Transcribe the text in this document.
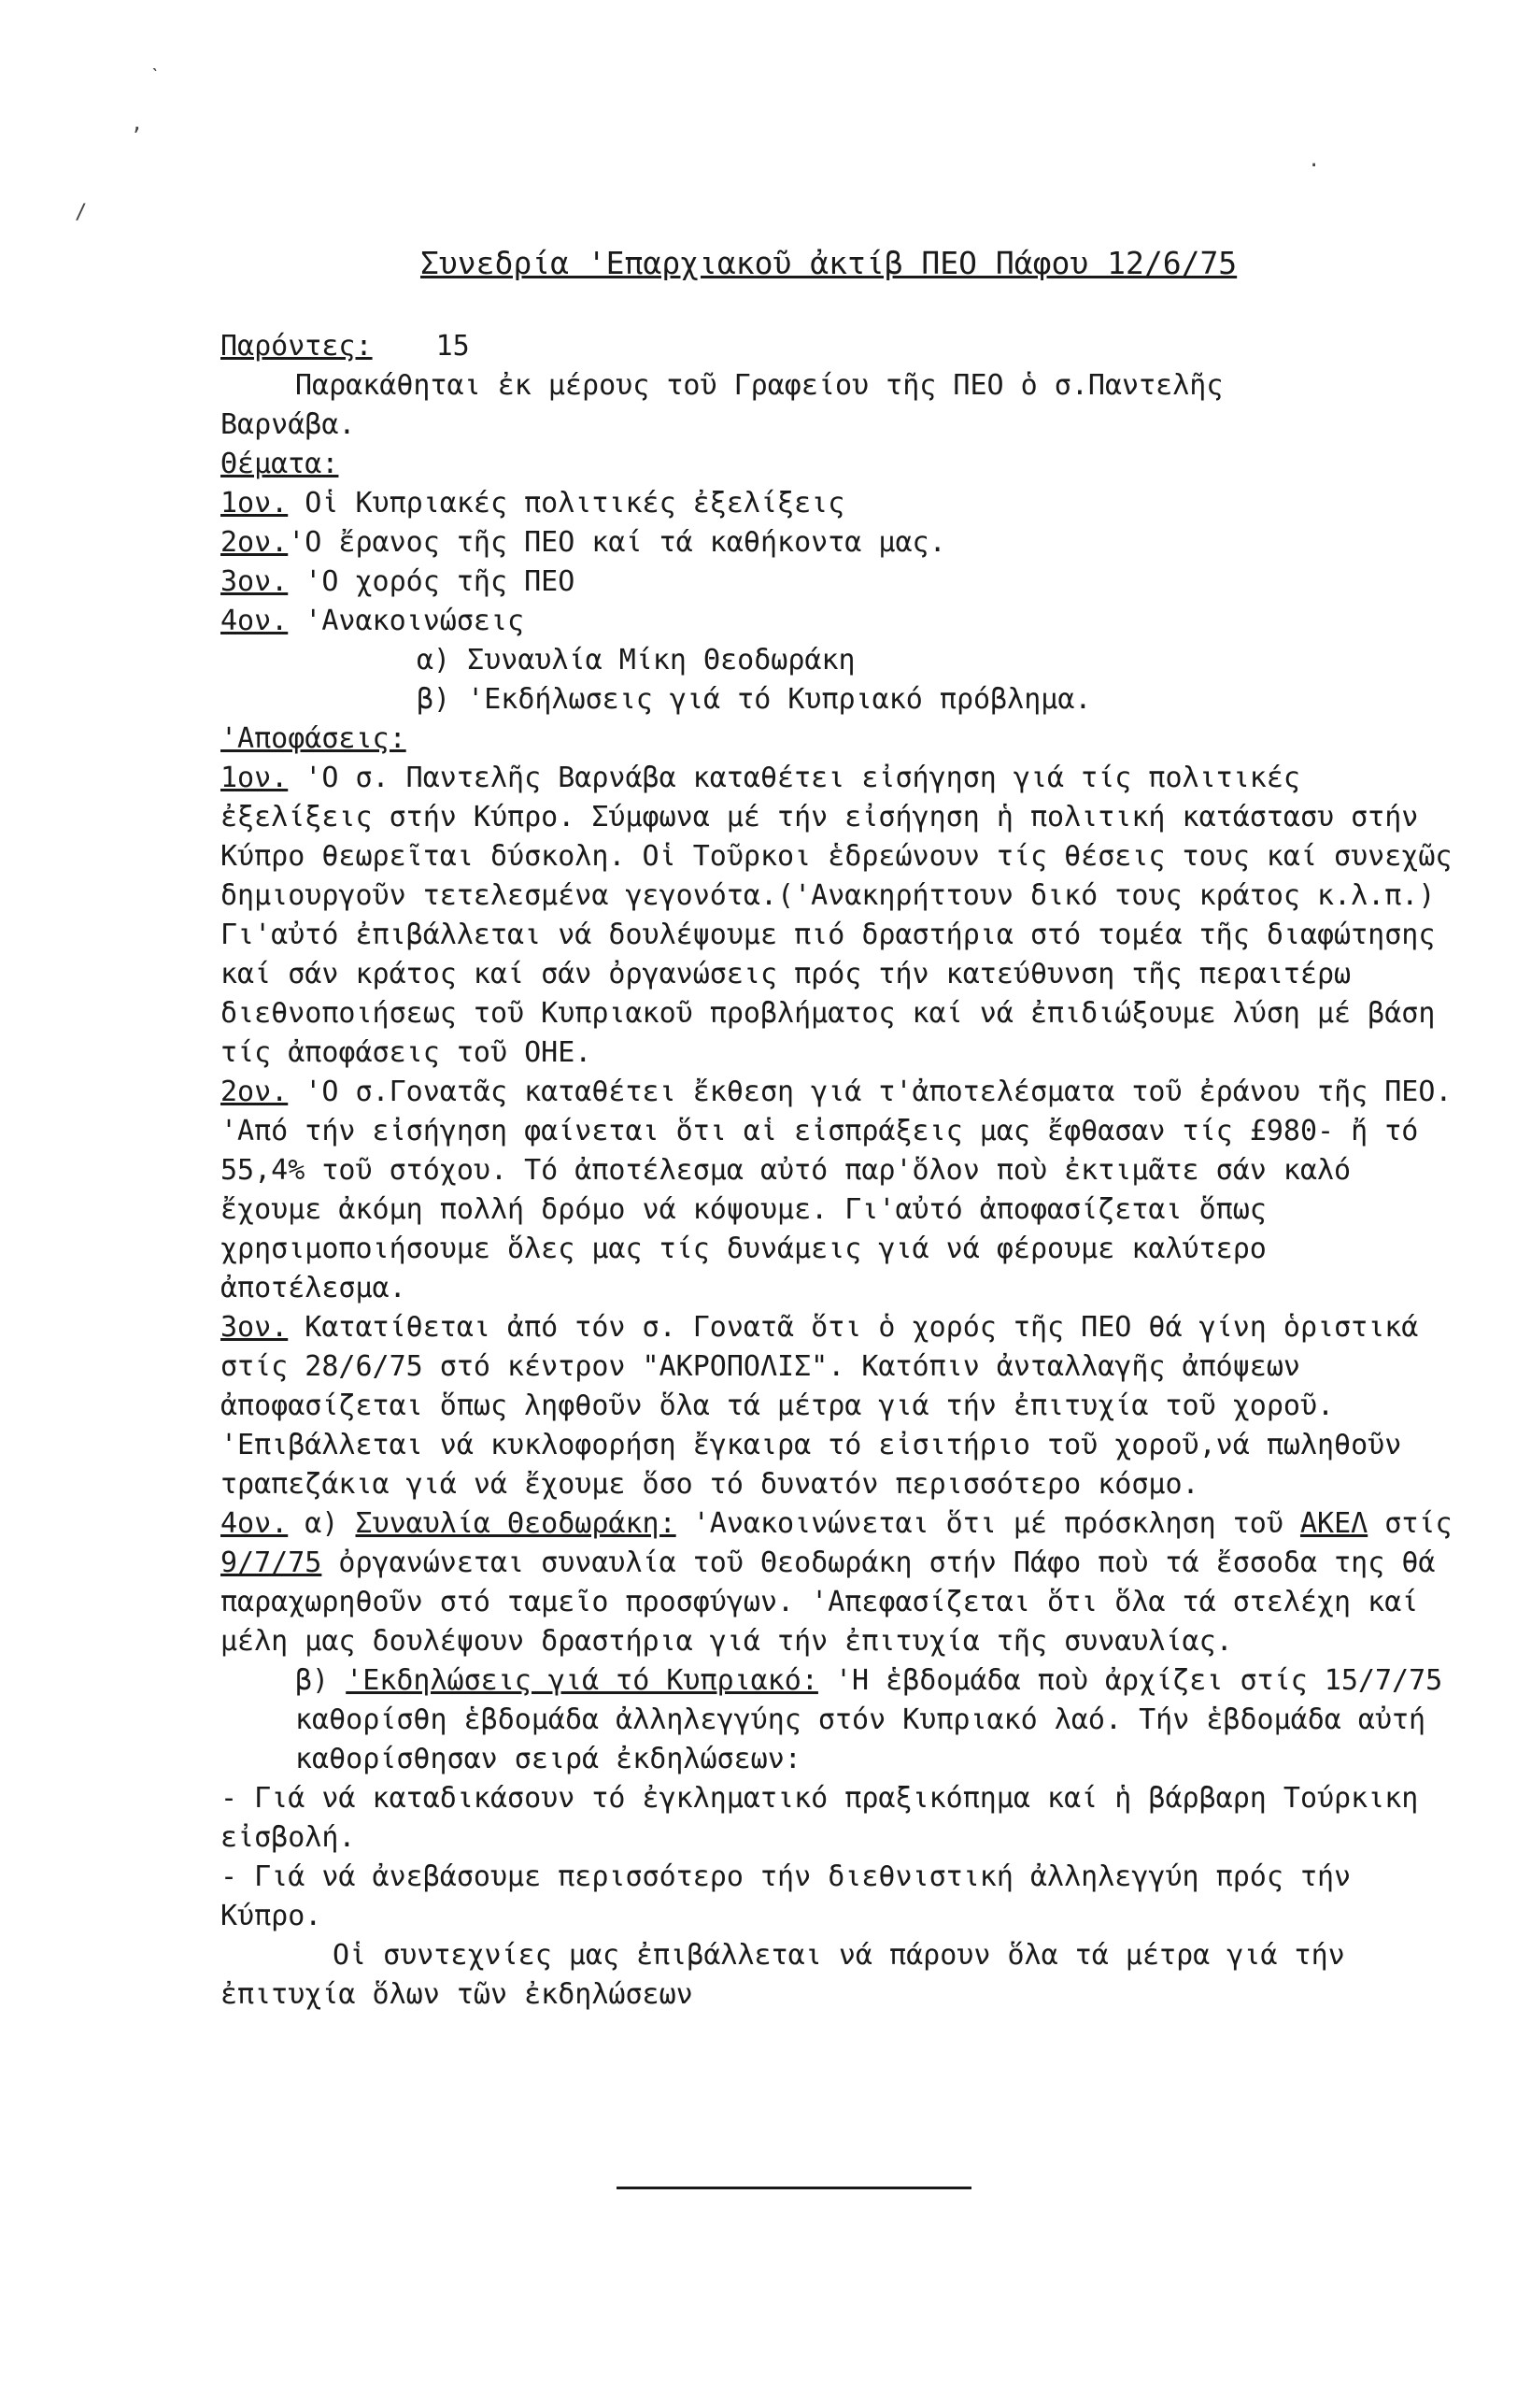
Συνεδρία 'Επαρχιακοῦ ἀκτίβ ΠΕΟ Πάφου 12/6/75

Παρόντες: 15

Παρακάθηται ἐκ μέρους τοῦ Γραφείου τῆς ΠΕΟ ὁ σ.Παντελῆς

Βαρνάβα.

Θέματα:

1ον. Οἱ Κυπριακές πολιτικές ἐξελίξεις

2ον.'Ο ἔρανος τῆς ΠΕΟ καί τά καθήκοντα μας.

3ον. 'Ο χορός τῆς ΠΕΟ

4ον. 'Ανακοινώσεις

α) Συναυλία Μίκη Θεοδωράκη

β) 'Εκδήλωσεις γιά τό Κυπριακό πρόβλημα.

'Αποφάσεις:

1ον. 'Ο σ. Παντελῆς Βαρνάβα καταθέτει εἰσήγηση γιά τίς πολιτικές ἐξελίξεις στήν Κύπρο. Σύμφωνα μέ τήν εἰσήγηση ἡ πολιτική κατάστασυ στήν Κύπρο θεωρεῖται δύσκολη. Οἱ Τοῦρκοι ἑδρεώνουν τίς θέσεις τους καί συνεχῶς δημιουργοῦν τετελεσμένα γεγονότα.('Ανακηρήττουν δικό τους κράτος κ.λ.π.) Γι'αὐτό ἐπιβάλλεται νά δουλέψουμε πιό δραστήρια στό τομέα τῆς διαφώτησης καί σάν κράτος καί σάν ὀργανώσεις πρός τήν κατεύθυνση τῆς περαιτέρω διεθνοποιήσεως τοῦ Κυπριακοῦ προβλήματος καί νά ἐπιδιώξουμε λύση μέ βάση τίς ἀποφάσεις τοῦ ΟΗΕ.

2ον. 'Ο σ.Γονατᾶς καταθέτει ἔκθεση γιά τ'ἀποτελέσματα τοῦ ἐράνου τῆς ΠΕΟ. 'Από τήν εἰσήγηση φαίνεται ὅτι αἱ εἰσπράξεις μας ἔφθασαν τίς £980- ἤ τό 55,4% τοῦ στόχου. Τό ἀποτέλεσμα αὐτό παρ'ὅλον ποὺ ἐκτιμᾶτε σάν καλό ἔχουμε ἀκόμη πολλή δρόμο νά κόψουμε. Γι'αὐτό ἀποφασίζεται ὅπως χρησιμοποιήσουμε ὅλες μας τίς δυνάμεις γιά νά φέρουμε καλύτερο ἀποτέλεσμα.

3ον. Κατατίθεται ἀπό τόν σ. Γονατᾶ ὅτι ὁ χορός τῆς ΠΕΟ θά γίνη ὁριστικά στίς 28/6/75 στό κέντρον "ΑΚΡΟΠΟΛΙΣ". Κατόπιν ἀνταλλαγῆς ἀπόψεων ἀποφασίζεται ὅπως ληφθοῦν ὅλα τά μέτρα γιά τήν ἐπιτυχία τοῦ χοροῦ. 'Επιβάλλεται νά κυκλοφορήση ἔγκαιρα τό εἰσιτήριο τοῦ χοροῦ,νά πωληθοῦν τραπεζάκια γιά νά ἔχουμε ὅσο τό δυνατόν περισσότερο κόσμο.

4ον. α) Συναυλία Θεοδωράκη: 'Ανακοινώνεται ὅτι μέ πρόσκληση τοῦ ΑΚΕΛ στίς 9/7/75 ὀργανώνεται συναυλία τοῦ Θεοδωράκη στήν Πάφο ποὺ τά ἔσσοδα της θά παραχωρηθοῦν στό ταμεῖο προσφύγων. 'Απεφασίζεται ὅτι ὅλα τά στελέχη καί μέλη μας δουλέψουν δραστήρια γιά τήν ἐπιτυχία τῆς συναυλίας.

β) 'Εκδηλώσεις γιά τό Κυπριακό: 'Η ἑβδομάδα ποὺ ἀρχίζει στίς 15/7/75 καθορίσθη ἑβδομάδα ἀλληλεγγύης στόν Κυπριακό λαό. Τήν ἑβδομάδα αὐτή καθορίσθησαν σειρά ἐκδηλώσεων:

- Γιά νά καταδικάσουν τό ἐγκληματικό πραξικόπημα καί ἡ βάρβαρη Τούρκικη εἰσβολή.

- Γιά νά ἀνεβάσουμε περισσότερο τήν διεθνιστική ἀλληλεγγύη πρός τήν Κύπρο.

Οἱ συντεχνίες μας ἐπιβάλλεται νά πάρουν ὅλα τά μέτρα γιά τήν ἐπιτυχία ὅλων τῶν ἐκδηλώσεων

ˋ
‚
/
·
